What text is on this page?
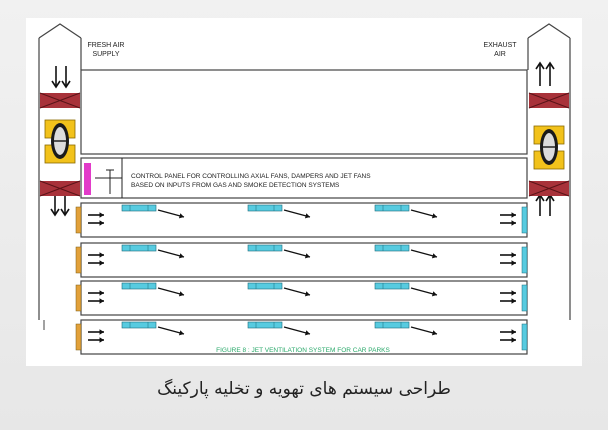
FRESH AIR
SUPPLY
EXHAUST
AIR
CONTROL PANEL FOR CONTROLLING AXIAL FANS, DAMPERS AND JET FANS
BASED ON INPUTS FROM GAS AND SMOKE DETECTION SYSTEMS
FIGURE 8 : JET VENTILATION SYSTEM FOR CAR PARKS
طراحی سیستم های تهویه و تخلیه پارکینگ
